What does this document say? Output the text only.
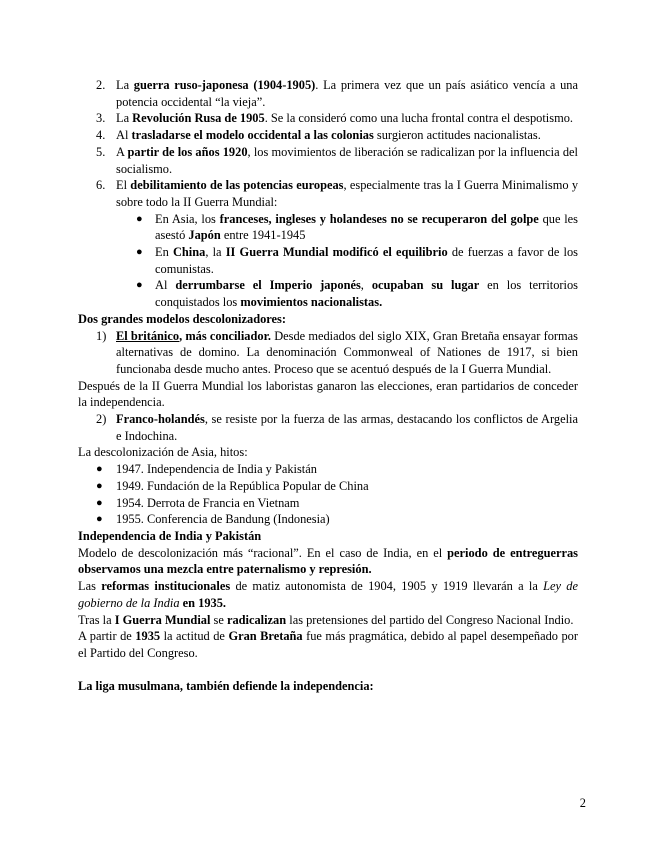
2. La guerra ruso-japonesa (1904-1905). La primera vez que un país asiático vencía a una potencia occidental “la vieja”.
3. La Revolución Rusa de 1905. Se la consideró como una lucha frontal contra el despotismo.
4. Al trasladarse el modelo occidental a las colonias surgieron actitudes nacionalistas.
5. A partir de los años 1920, los movimientos de liberación se radicalizan por la influencia del socialismo.
6. El debilitamiento de las potencias europeas, especialmente tras la I Guerra Minimalismo y sobre todo la II Guerra Mundial:
● En Asia, los franceses, ingleses y holandeses no se recuperaron del golpe que les asestó Japón entre 1941-1945
● En China, la II Guerra Mundial modificó el equilibrio de fuerzas a favor de los comunistas.
● Al derrumbarse el Imperio japonés, ocupaban su lugar en los territorios conquistados los movimientos nacionalistas.
Dos grandes modelos descolonizadores:
1) El británico, más conciliador. Desde mediados del siglo XIX, Gran Bretaña ensayar formas alternativas de domino. La denominación Commonweal of Nationes de 1917, si bien funcionaba desde mucho antes. Proceso que se acentuó después de la I Guerra Mundial.

Después de la II Guerra Mundial los laboristas ganaron las elecciones, eran partidarios de conceder la independencia.

2) Franco-holandés, se resiste por la fuerza de las armas, destacando los conflictos de Argelia e Indochina.

La descolonización de Asia, hitos:

● 1947. Independencia de India y Pakistán
● 1949. Fundación de la República Popular de China
● 1954. Derrota de Francia en Vietnam
● 1955. Conferencia de Bandung (Indonesia)
Independencia de India y Pakistán

Modelo de descolonización más “racional”. En el caso de India, en el periodo de entreguerras observamos una mezcla entre paternalismo y represión.

Las reformas institucionales de matiz autonomista de 1904, 1905 y 1919 llevarán a la Ley de gobierno de la India en 1935.

Tras la I Guerra Mundial se radicalizan las pretensiones del partido del Congreso Nacional Indio.

A partir de 1935 la actitud de Gran Bretaña fue más pragmática, debido al papel desempeñado por el Partido del Congreso.

La liga musulmana, también defiende la independencia:
2
